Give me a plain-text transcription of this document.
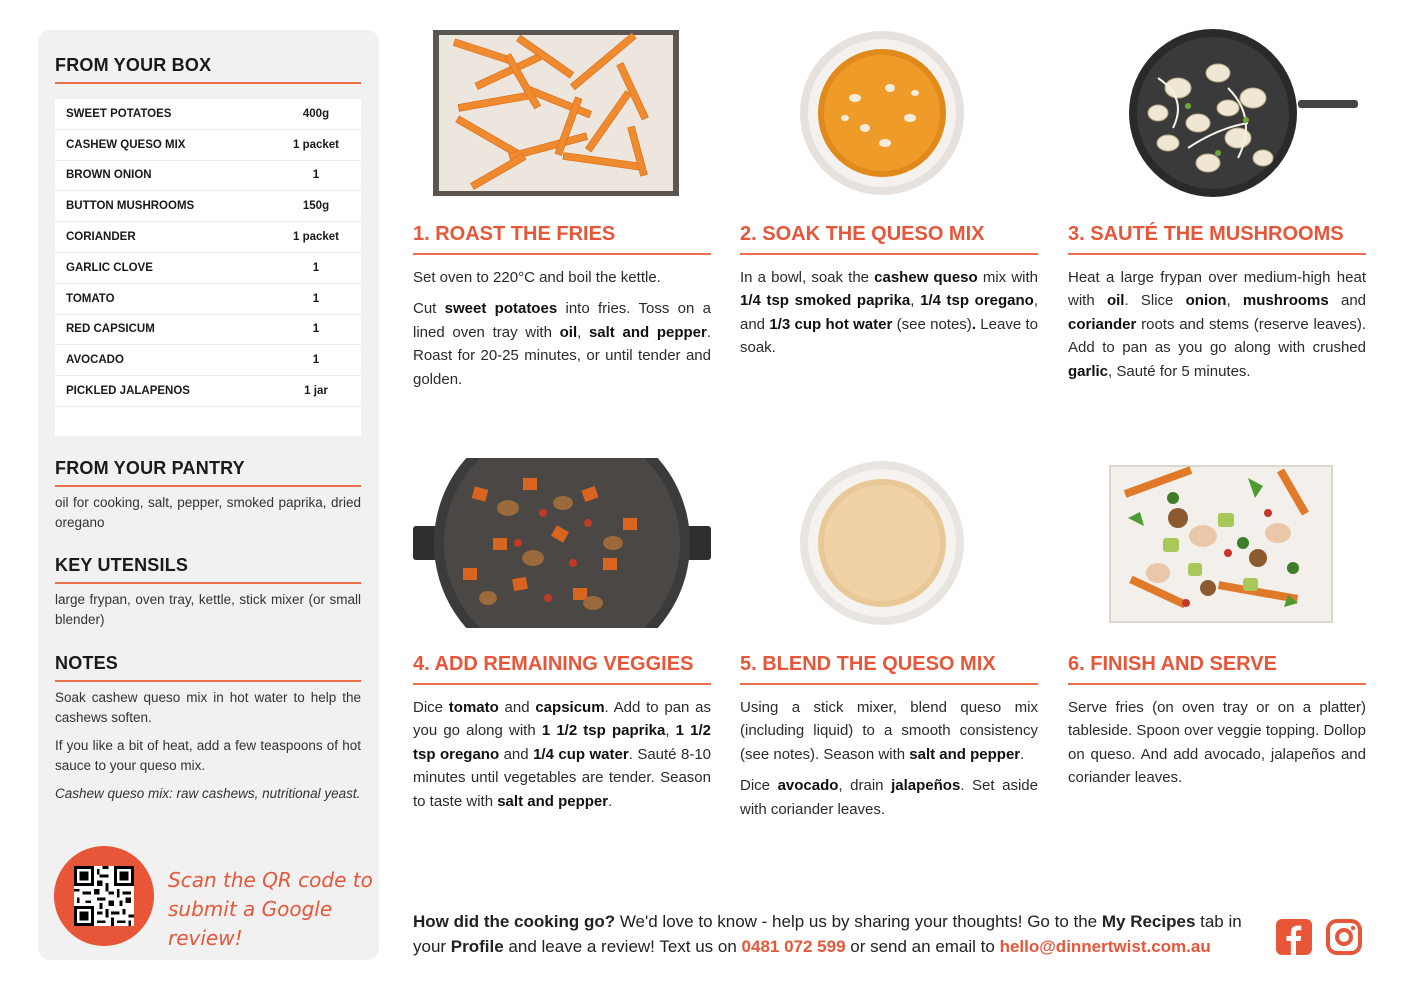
FROM YOUR BOX
SWEET POTATOES	400g
CASHEW QUESO MIX	1 packet
BROWN ONION	1
BUTTON MUSHROOMS	150g
CORIANDER	1 packet
GARLIC CLOVE	1
TOMATO	1
RED CAPSICUM	1
AVOCADO	1
PICKLED JALAPENOS	1 jar
FROM YOUR PANTRY
oil for cooking, salt, pepper, smoked paprika, dried oregano
KEY UTENSILS
large frypan, oven tray, kettle, stick mixer (or small blender)
NOTES

Soak cashew queso mix in hot water to help the cashews soften.

If you like a bit of heat, add a few teaspoons of hot sauce to your queso mix.

Cashew queso mix: raw cashews, nutritional yeast.

Scan the QR code to
submit a Google review!
1. ROAST THE FRIES

Set oven to 220°C and boil the kettle.

Cut sweet potatoes into fries. Toss on a lined oven tray with oil, salt and pepper. Roast for 20-25 minutes, or until tender and golden.

2. SOAK THE QUESO MIX

In a bowl, soak the cashew queso mix with 1/4 tsp smoked paprika, 1/4 tsp oregano, and 1/3 cup hot water (see notes). Leave to soak.

3. SAUTÉ THE MUSHROOMS

Heat a large frypan over medium-high heat with oil. Slice onion, mushrooms and coriander roots and stems (reserve leaves). Add to pan as you go along with crushed garlic, Sauté for 5 minutes.

4. ADD REMAINING VEGGIES

Dice tomato and capsicum. Add to pan as you go along with 1 1/2 tsp paprika, 1 1/2 tsp oregano and 1/4 cup water. Sauté 8-10 minutes until vegetables are tender. Season to taste with salt and pepper.

5. BLEND THE QUESO MIX

Using a stick mixer, blend queso mix (including liquid) to a smooth consistency (see notes). Season with salt and pepper.

Dice avocado, drain jalapeños. Set aside with coriander leaves.

6. FINISH AND SERVE

Serve fries (on oven tray or on a platter) tableside. Spoon over veggie topping. Dollop on queso. And add avocado, jalapeños and coriander leaves.

How did the cooking go? We'd love to know - help us by sharing your thoughts! Go to the My Recipes tab in your Profile and leave a review! Text us on 0481 072 599 or send an email to hello@dinnertwist.com.au
